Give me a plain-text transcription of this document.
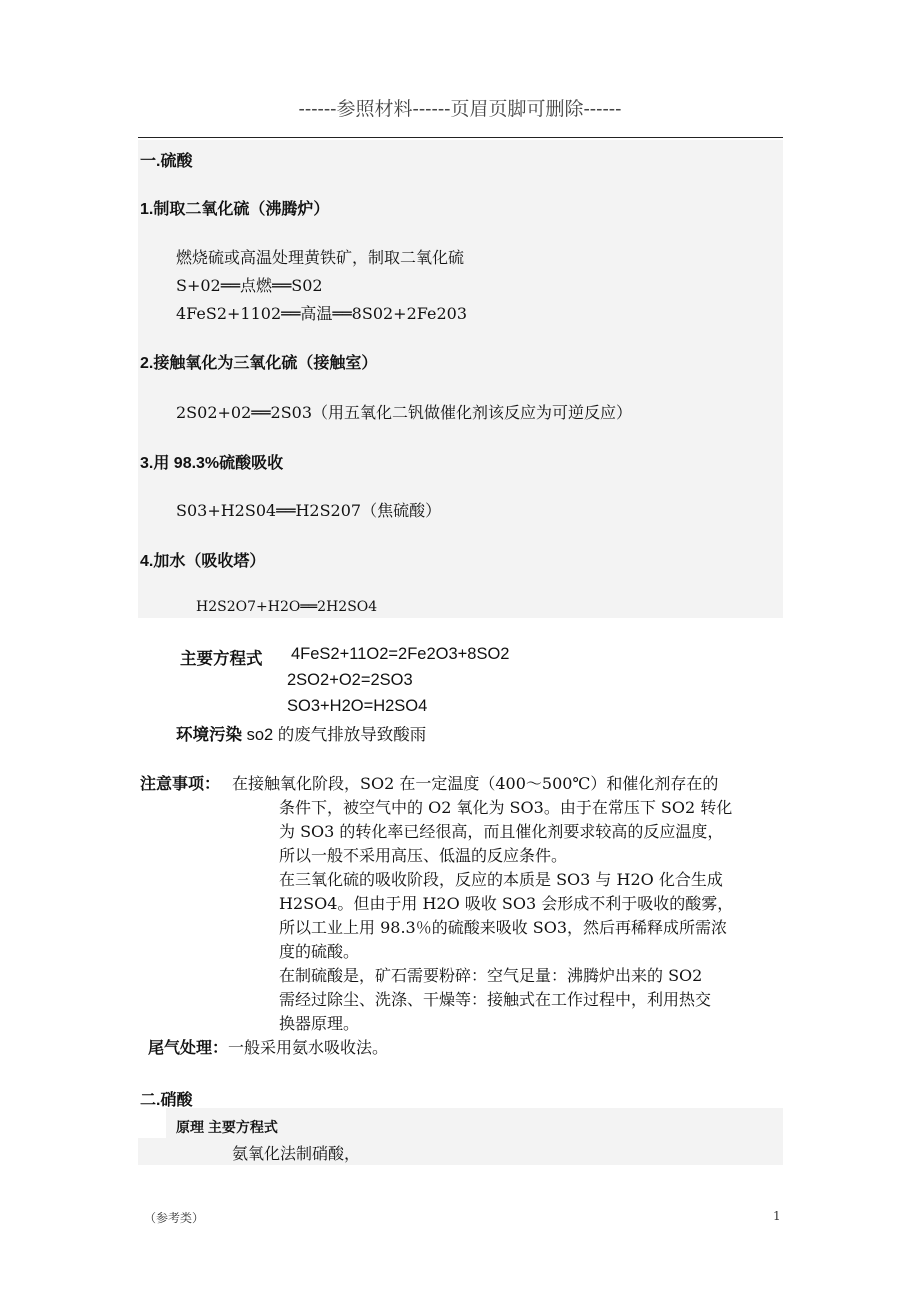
------参照材料------页眉页脚可删除------
一.硫酸
1.制取二氧化硫（沸腾炉）
燃烧硫或高温处理黄铁矿，制取二氧化硫
S+02══点燃══S02
4FeS2+1102══高温══8S02+2Fe203
2.接触氧化为三氧化硫（接触室）
2S02+02══2S03（用五氧化二钒做催化剂该反应为可逆反应）
3.用 98.3%硫酸吸收
S03+H2S04══H2S207（焦硫酸）
4.加水（吸收塔）
H2S2O7+H2O══2H2SO4
主要方程式 4FeS2+11O2=2Fe2O3+8SO2
2SO2+O2=2SO3
SO3+H2O=H2SO4
环境污染 so2 的废气排放导致酸雨
注意事项： 在接触氧化阶段，SO2 在一定温度（400～500℃）和催化剂存在的
条件下，被空气中的 O2 氧化为 SO3。由于在常压下 SO2 转化
为 SO3 的转化率已经很高，而且催化剂要求较高的反应温度，
所以一般不采用高压、低温的反应条件。
在三氧化硫的吸收阶段，反应的本质是 SO3 与 H2O 化合生成
H2SO4。但由于用 H2O 吸收 SO3 会形成不利于吸收的酸雾，
所以工业上用 98.3％的硫酸来吸收 SO3，然后再稀释成所需浓
度的硫酸。
在制硫酸是，矿石需要粉碎：空气足量：沸腾炉出来的 SO2
需经过除尘、洗涤、干燥等：接触式在工作过程中，利用热交
换器原理。
尾气处理：一般采用氨水吸收法。
二.硝酸
原理 主要方程式
氨氧化法制硝酸，
（参考类）	1
